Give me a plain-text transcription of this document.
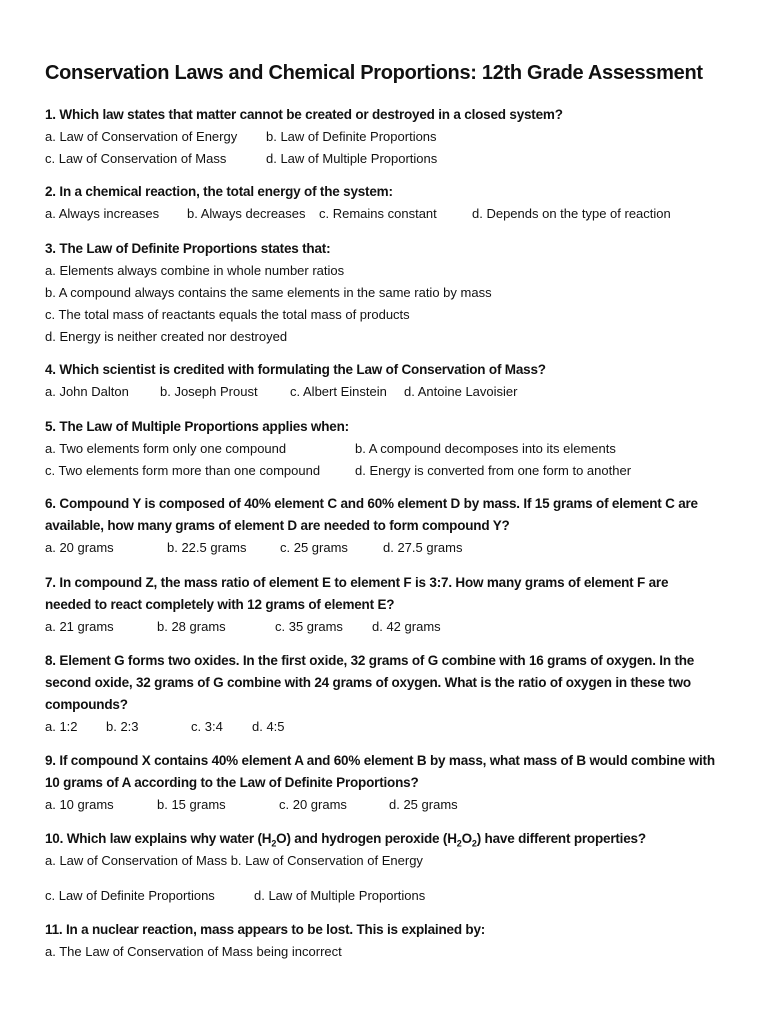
Conservation Laws and Chemical Proportions: 12th Grade Assessment
1. Which law states that matter cannot be created or destroyed in a closed system?
a. Law of Conservation of Energy b. Law of Definite Proportions
c. Law of Conservation of Mass	d. Law of Multiple Proportions
2. In a chemical reaction, the total energy of the system:
a. Always increases b. Always decreases c. Remains constant	d. Depends on the type of reaction
3. The Law of Definite Proportions states that:
a. Elements always combine in whole number ratios
b. A compound always contains the same elements in the same ratio by mass
c. The total mass of reactants equals the total mass of products
d. Energy is neither created nor destroyed
4. Which scientist is credited with formulating the Law of Conservation of Mass?
a. John Dalton b. Joseph Proust c. Albert Einstein d. Antoine Lavoisier
5. The Law of Multiple Proportions applies when:
a. Two elements form only one compound	b. A compound decomposes into its elements
c. Two elements form more than one compound	d. Energy is converted from one form to another
6. Compound Y is composed of 40% element C and 60% element D by mass. If 15 grams of element C are
available, how many grams of element D are needed to form compound Y?
a. 20 grams	b. 22.5 grams	c. 25 grams	d. 27.5 grams
7. In compound Z, the mass ratio of element E to element F is 3:7. How many grams of element F are
needed to react completely with 12 grams of element E?
a. 21 grams	b. 28 grams	c. 35 grams d. 42 grams
8. Element G forms two oxides. In the first oxide, 32 grams of G combine with 16 grams of oxygen. In the
second oxide, 32 grams of G combine with 24 grams of oxygen. What is the ratio of oxygen in these two
compounds?
a. 1:2 b. 2:3	c. 3:4 d. 4:5
9. If compound X contains 40% element A and 60% element B by mass, what mass of B would combine with
10 grams of A according to the Law of Definite Proportions?
a. 10 grams	b. 15 grams	c. 20 grams	d. 25 grams
10. Which law explains why water $(H_2O)$ and hydrogen peroxide $(H_2O_2)$ have different properties?
a. Law of Conservation of Mass b. Law of Conservation of Energy
c. Law of Definite Proportions	d. Law of Multiple Proportions
11. In a nuclear reaction, mass appears to be lost. This is explained by:
a. The Law of Conservation of Mass being incorrect
